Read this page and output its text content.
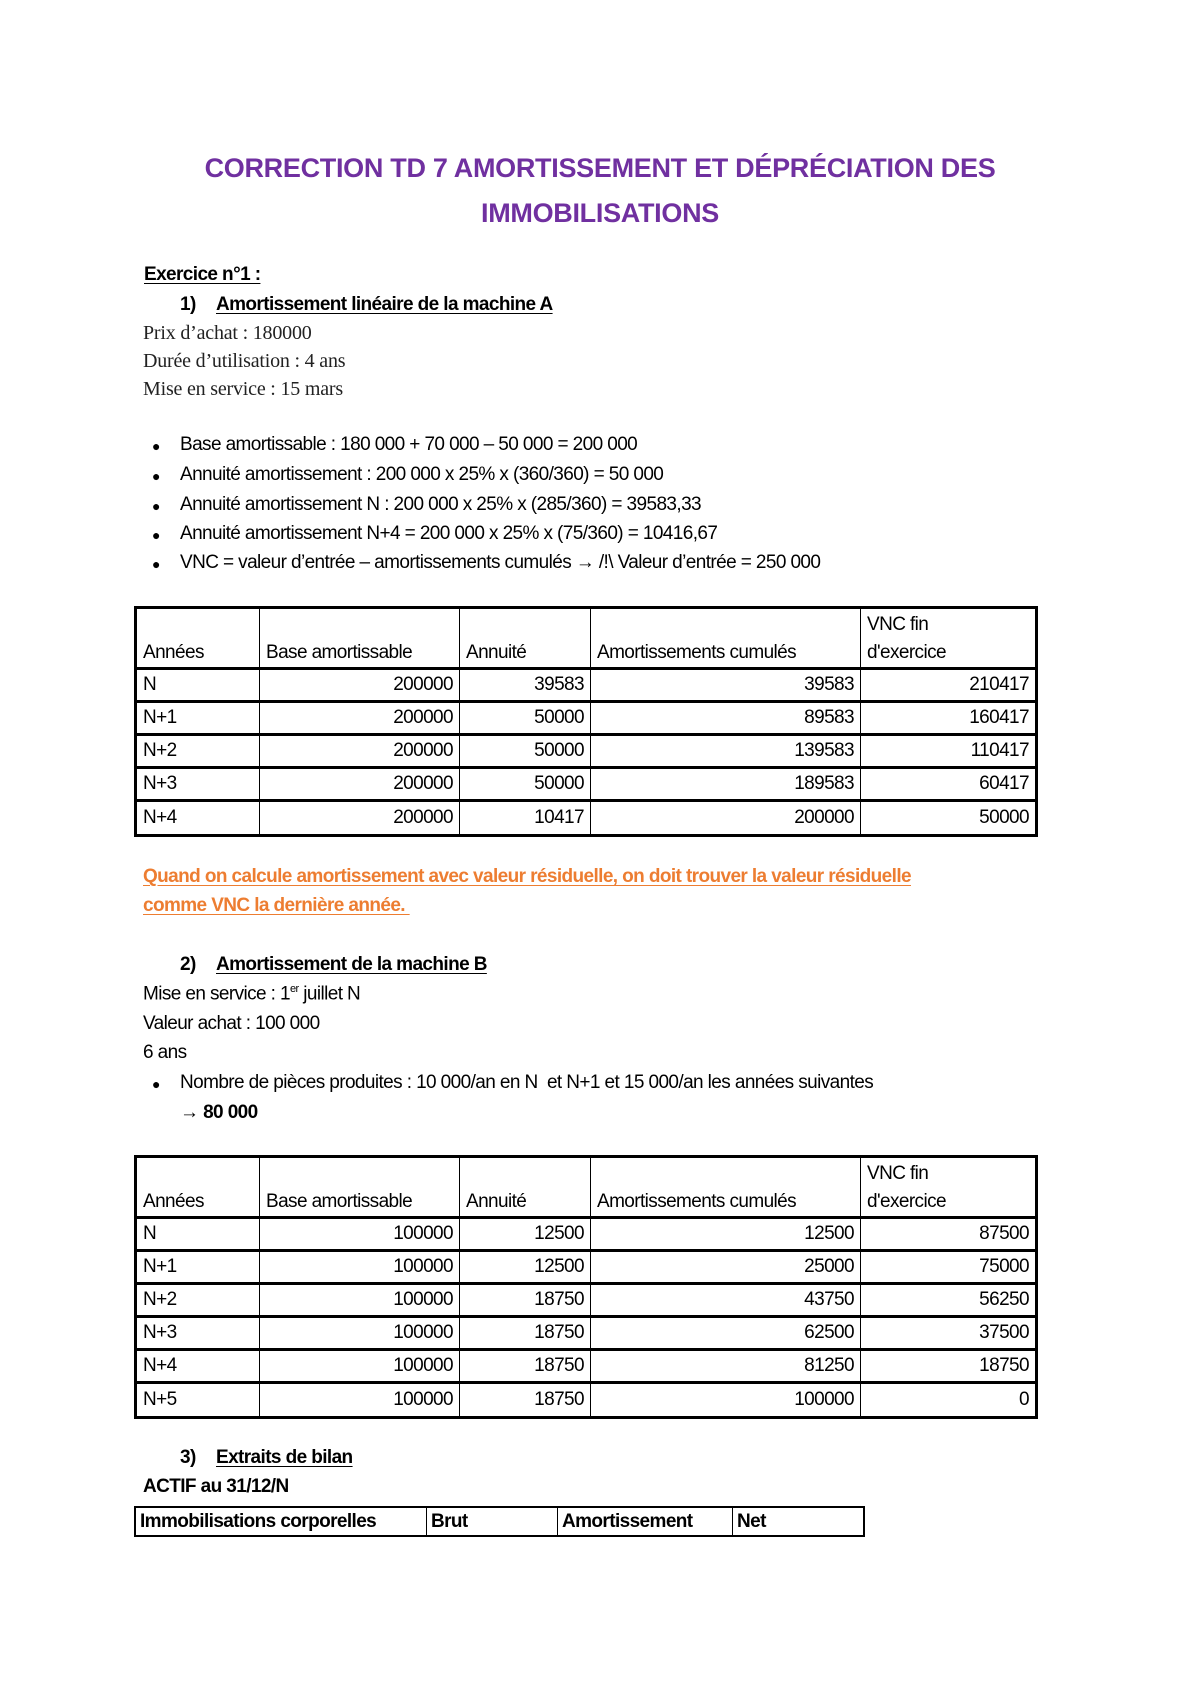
CORRECTION TD 7 AMORTISSEMENT ET DÉPRÉCIATION DES
IMMOBILISATIONS
Exercice n°1 :
1) Amortissement linéaire de la machine A
Prix d’achat : 180000
Durée d’utilisation : 4 ans
Mise en service : 15 mars
● Base amortissable : 180 000 + 70 000 – 50 000 = 200 000
● Annuité amortissement : 200 000 x 25% x (360/360) = 50 000
● Annuité amortissement N : 200 000 x 25% x (285/360) = 39583,33
● Annuité amortissement N+4 = 200 000 x 25% x (75/360) = 10416,67
● VNC = valeur d’entrée – amortissements cumulés → /!\ Valeur d’entrée = 250 000
Années	Base amortissable	Annuité	Amortissements cumulés	VNC fin
d'exercice
N	200000	39583	39583	210417
N+1	200000	50000	89583	160417
N+2	200000	50000	139583	110417
N+3	200000	50000	189583	60417
N+4	200000	10417	200000	50000
Quand on calcule amortissement avec valeur résiduelle, on doit trouver la valeur résiduelle
comme VNC la dernière année.
2) Amortissement de la machine B
Mise en service : 1er juillet N
Valeur achat : 100 000
6 ans
● Nombre de pièces produites : 10 000/an en N  et N+1 et 15 000/an les années suivantes
→ 80 000
Années	Base amortissable	Annuité	Amortissements cumulés	VNC fin
d'exercice
N	100000	12500	12500	87500
N+1	100000	12500	25000	75000
N+2	100000	18750	43750	56250
N+3	100000	18750	62500	37500
N+4	100000	18750	81250	18750
N+5	100000	18750	100000	0
3) Extraits de bilan
ACTIF au 31/12/N
Immobilisations corporelles	Brut	Amortissement	Net
